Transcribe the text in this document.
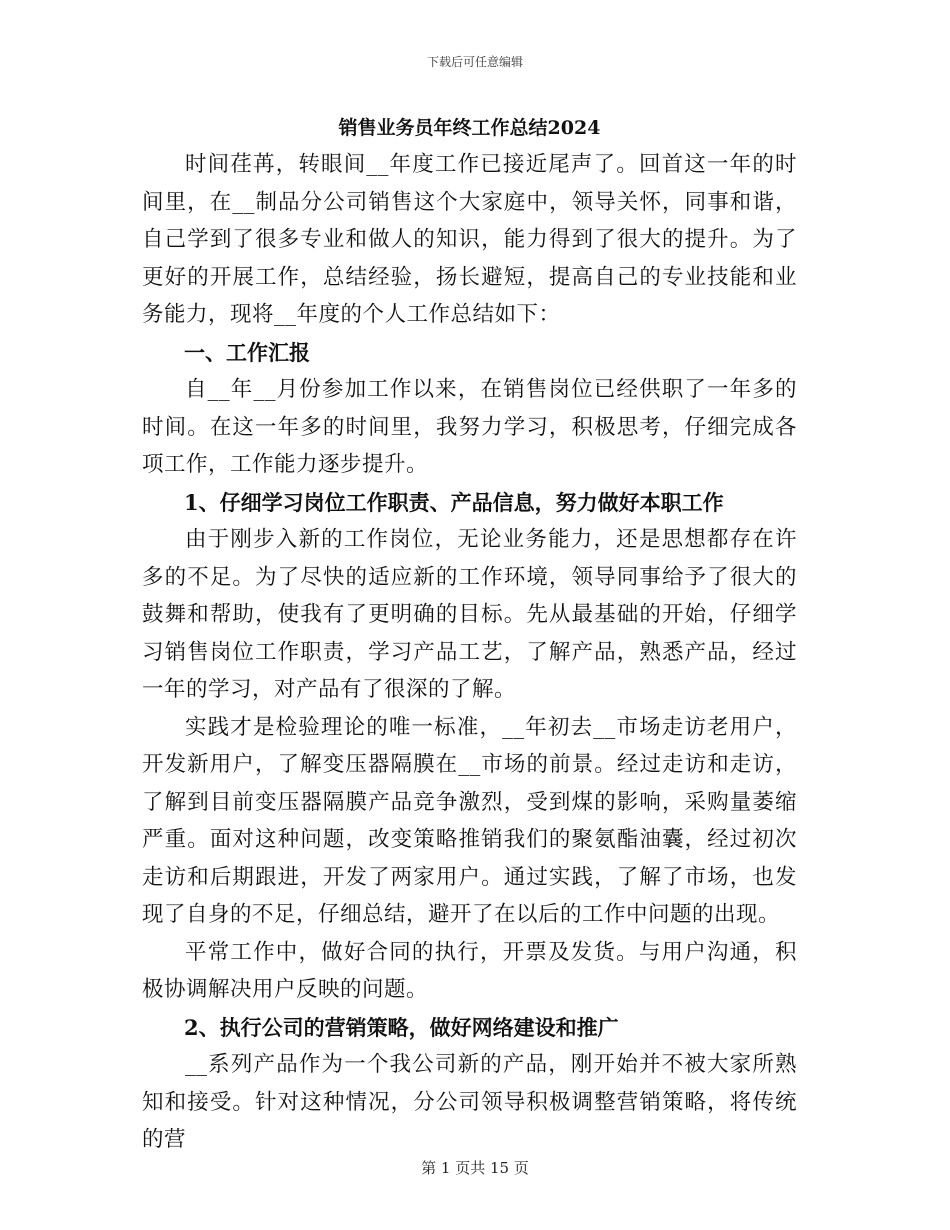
下载后可任意编辑
销售业务员年终工作总结2024

时间荏苒，转眼间__年度工作已接近尾声了。回首这一年的时间里，在__制品分公司销售这个大家庭中，领导关怀，同事和谐，自己学到了很多专业和做人的知识，能力得到了很大的提升。为了更好的开展工作，总结经验，扬长避短，提高自己的专业技能和业务能力，现将__年度的个人工作总结如下：

一、工作汇报

自__年__月份参加工作以来，在销售岗位已经供职了一年多的时间。在这一年多的时间里，我努力学习，积极思考，仔细完成各项工作，工作能力逐步提升。

1、仔细学习岗位工作职责、产品信息，努力做好本职工作

由于刚步入新的工作岗位，无论业务能力，还是思想都存在许多的不足。为了尽快的适应新的工作环境，领导同事给予了很大的鼓舞和帮助，使我有了更明确的目标。先从最基础的开始，仔细学习销售岗位工作职责，学习产品工艺，了解产品，熟悉产品，经过一年的学习，对产品有了很深的了解。

实践才是检验理论的唯一标准，__年初去__市场走访老用户，开发新用户，了解变压器隔膜在__市场的前景。经过走访和走访，了解到目前变压器隔膜产品竞争激烈，受到煤的影响，采购量萎缩严重。面对这种问题，改变策略推销我们的聚氨酯油囊，经过初次走访和后期跟进，开发了两家用户。通过实践，了解了市场，也发现了自身的不足，仔细总结，避开了在以后的工作中问题的出现。

平常工作中，做好合同的执行，开票及发货。与用户沟通，积极协调解决用户反映的问题。

2、执行公司的营销策略，做好网络建设和推广

__系列产品作为一个我公司新的产品，刚开始并不被大家所熟知和接受。针对这种情况，分公司领导积极调整营销策略，将传统的营

第 1 页共 15 页
